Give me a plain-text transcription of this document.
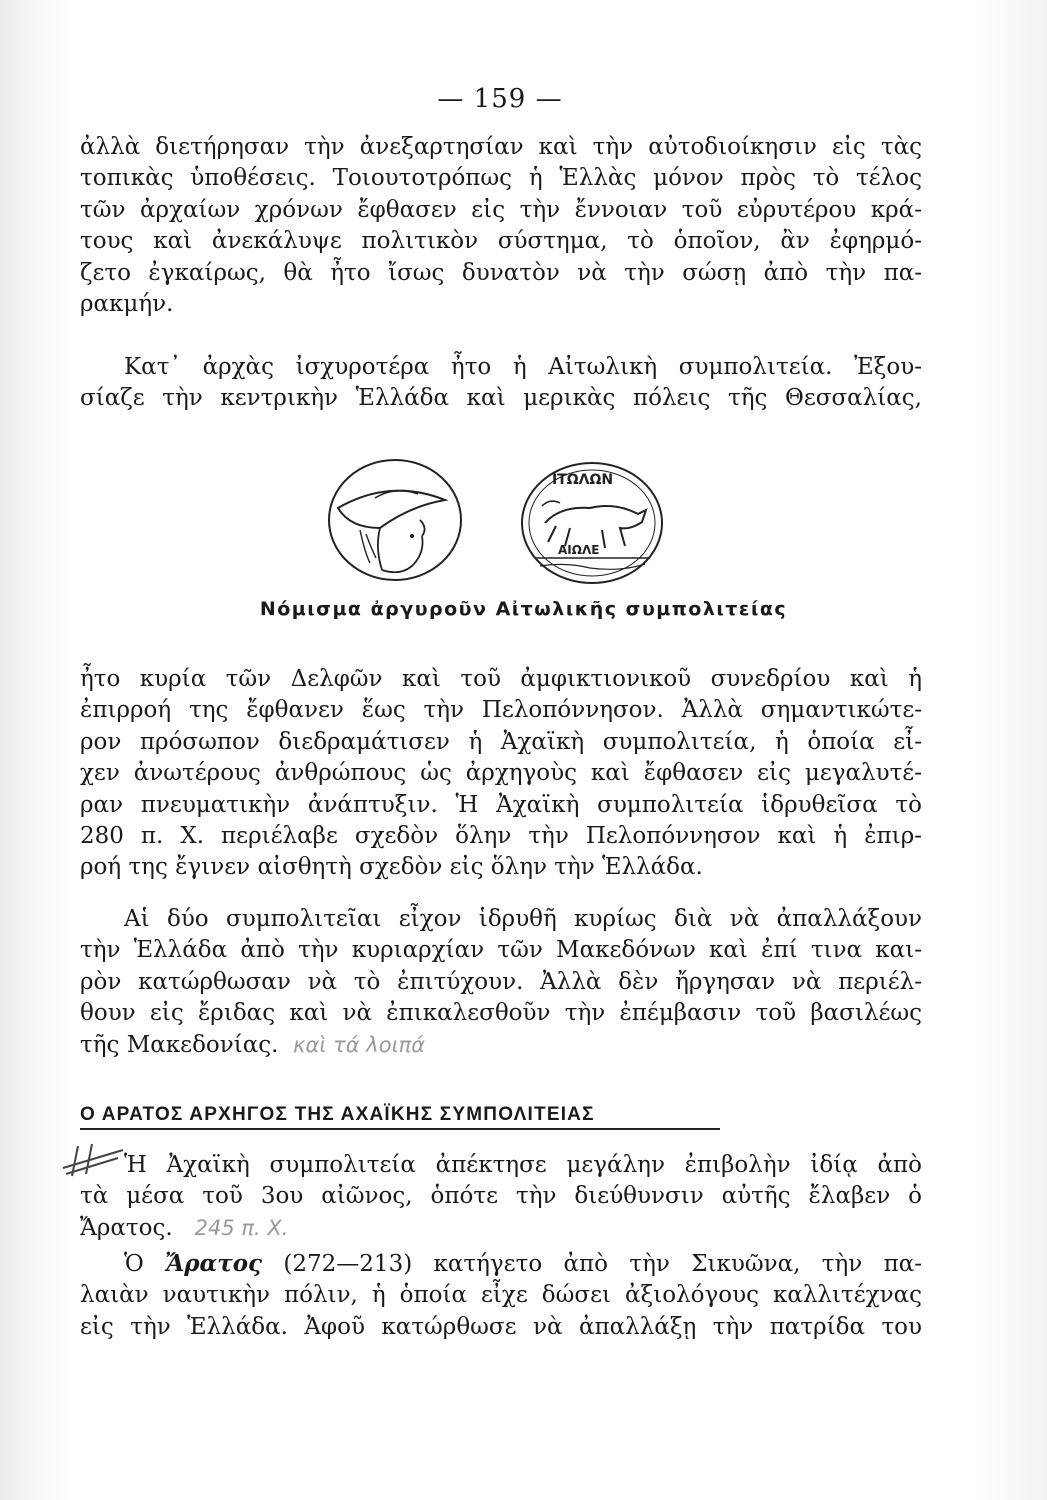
— 159 —
ἀλλὰ διετήρησαν τὴν ἀνεξαρτησίαν καὶ τὴν αὐτοδιοίκησιν εἰς τὰς
τοπικὰς ὑποθέσεις. Τοιουτοτρόπως ἡ Ἑλλὰς μόνον πρὸς τὸ τέλος
τῶν ἀρχαίων χρόνων ἔφθασεν εἰς τὴν ἔννοιαν τοῦ εὐρυτέρου κρά-
τους καὶ ἀνεκάλυψε πολιτικὸν σύστημα, τὸ ὁποῖον, ἂν ἐφηρμό-
ζετο ἐγκαίρως, θὰ ἦτο ἴσως δυνατὸν νὰ τὴν σώσῃ ἀπὸ τὴν πα-
ρακμήν.
Κατ᾽ ἀρχὰς ἰσχυροτέρα ἦτο ἡ Αἰτωλικὴ συμπολιτεία. Ἐξου-
σίαζε τὴν κεντρικὴν Ἑλλάδα καὶ μερικὰς πόλεις τῆς Θεσσαλίας,
ΙΤΩΛΩΝ
ΑΙΩΛΕ
Νόμισμα ἀργυροῦν Αἰτωλικῆς συμπολιτείας
ἦτο κυρία τῶν Δελφῶν καὶ τοῦ ἀμφικτιονικοῦ συνεδρίου καὶ ἡ
ἐπιρροή της ἔφθανεν ἕως τὴν Πελοπόννησον. Ἀλλὰ σημαντικώτε-
ρον πρόσωπον διεδραμάτισεν ἡ Ἀχαϊκὴ συμπολιτεία, ἡ ὁποία εἶ-
χεν ἀνωτέρους ἀνθρώπους ὡς ἀρχηγοὺς καὶ ἔφθασεν εἰς μεγαλυτέ-
ραν πνευματικὴν ἀνάπτυξιν. Ἡ Ἀχαϊκὴ συμπολιτεία ἱδρυθεῖσα τὸ
280 π. Χ. περιέλαβε σχεδὸν ὅλην τὴν Πελοπόννησον καὶ ἡ ἐπιρ-
ροή της ἔγινεν αἰσθητὴ σχεδὸν εἰς ὅλην τὴν Ἑλλάδα.
Αἱ δύο συμπολιτεῖαι εἶχον ἱδρυθῆ κυρίως διὰ νὰ ἀπαλλάξουν
τὴν Ἑλλάδα ἀπὸ τὴν κυριαρχίαν τῶν Μακεδόνων καὶ ἐπί τινα και-
ρὸν κατώρθωσαν νὰ τὸ ἐπιτύχουν. Ἀλλὰ δὲν ἤργησαν νὰ περιέλ-
θουν εἰς ἔριδας καὶ νὰ ἐπικαλεσθοῦν τὴν ἐπέμβασιν τοῦ βασιλέως
τῆς Μακεδονίας. καὶ τά λοιπά
Ο ΑΡΑΤΟΣ ΑΡΧΗΓΟΣ ΤΗΣ ΑΧΑΪΚΗΣ ΣΥΜΠΟΛΙΤΕΙΑΣ
Ἡ Ἀχαϊκὴ συμπολιτεία ἀπέκτησε μεγάλην ἐπιβολὴν ἰδίᾳ ἀπὸ
τὰ μέσα τοῦ 3ου αἰῶνος, ὁπότε τὴν διεύθυνσιν αὐτῆς ἔλαβεν ὁ
Ἄρατος. 245 π. Χ.
Ὁ Ἄρατος (272—213) κατήγετο ἀπὸ τὴν Σικυῶνα, τὴν πα-
λαιὰν ναυτικὴν πόλιν, ἡ ὁποία εἶχε δώσει ἀξιολόγους καλλιτέχνας
εἰς τὴν Ἑλλάδα. Ἀφοῦ κατώρθωσε νὰ ἀπαλλάξῃ τὴν πατρίδα του
